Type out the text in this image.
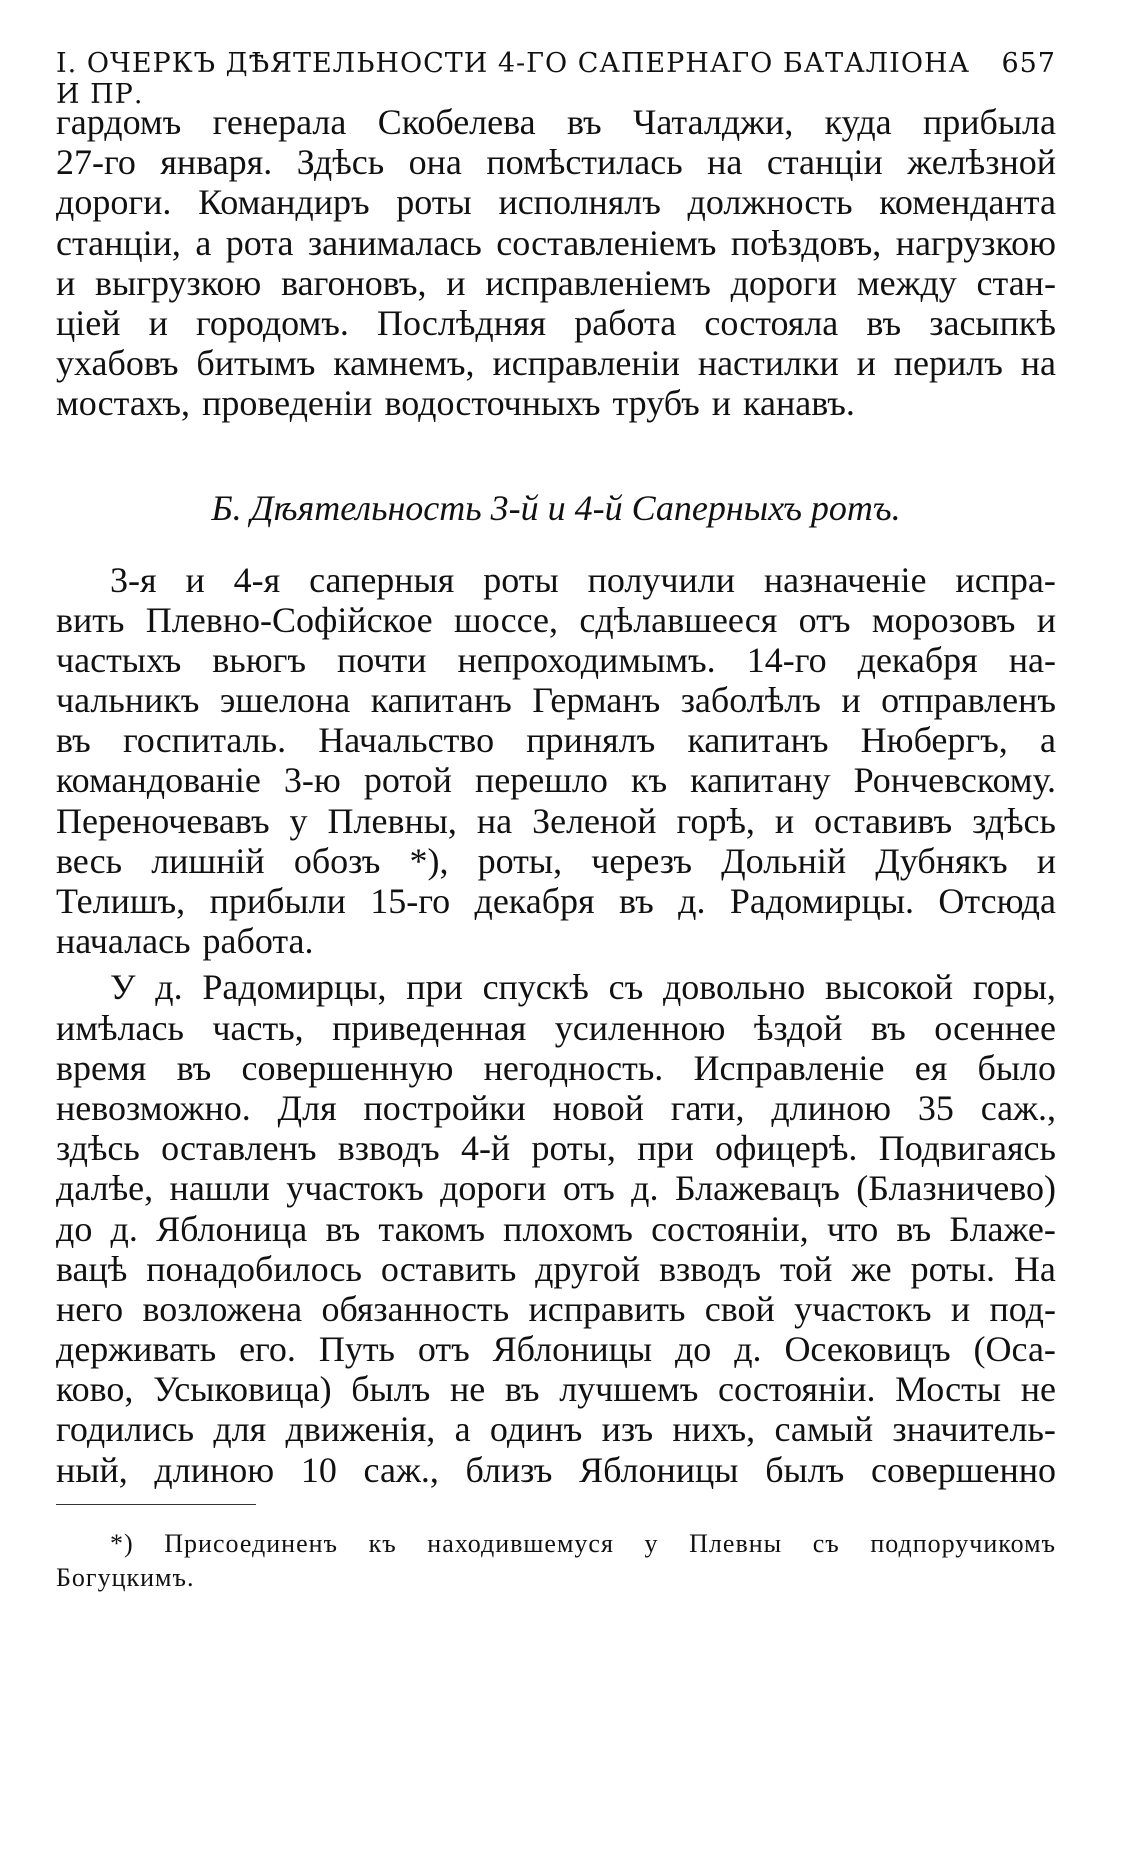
I. ОЧЕРКЪ ДѢЯТЕЛЬНОСТИ 4-ГО САПЕРНАГО БАТАЛІОНА И ПР.
657
гардомъ генерала Скобелева въ Чаталджи, куда прибыла
27-го января. Здѣсь она помѣстилась на станціи желѣзной
дороги. Командиръ роты исполнялъ должность коменданта
станціи, а рота занималась составленіемъ поѣздовъ, нагрузкою
и выгрузкою вагоновъ, и исправленіемъ дороги между стан-
ціей и городомъ. Послѣдняя работа состояла въ засыпкѣ
ухабовъ битымъ камнемъ, исправленіи настилки и перилъ на
мостахъ, проведеніи водосточныхъ трубъ и канавъ.
Б. Дѣятельность 3-й и 4-й Саперныхъ ротъ.
3-я и 4-я саперныя роты получили назначеніе испра-
вить Плевно-Софійское шоссе, сдѣлавшееся отъ морозовъ и
частыхъ вьюгъ почти непроходимымъ. 14-го декабря на-
чальникъ эшелона капитанъ Германъ заболѣлъ и отправленъ
въ госпиталь. Начальство принялъ капитанъ Нюбергъ, а
командованіе 3-ю ротой перешло къ капитану Рончевскому.
Переночевавъ у Плевны, на Зеленой горѣ, и оставивъ здѣсь
весь лишній обозъ *), роты, черезъ Дольній Дубнякъ и
Телишъ, прибыли 15-го декабря въ д. Радомирцы. Отсюда
началась работа.
У д. Радомирцы, при спускѣ съ довольно высокой горы,
имѣлась часть, приведенная усиленною ѣздой въ осеннее
время въ совершенную негодность. Исправленіе ея было
невозможно. Для постройки новой гати, длиною 35 саж.,
здѣсь оставленъ взводъ 4-й роты, при офицерѣ. Подвигаясь
далѣе, нашли участокъ дороги отъ д. Блажевацъ (Блазничево)
до д. Яблоница въ такомъ плохомъ состояніи, что въ Блаже-
вацѣ понадобилось оставить другой взводъ той же роты. На
него возложена обязанность исправить свой участокъ и под-
держивать его. Путь отъ Яблоницы до д. Осековицъ (Оса-
ково, Усыковица) былъ не въ лучшемъ состояніи. Мосты не
годились для движенія, а одинъ изъ нихъ, самый значитель-
ный, длиною 10 саж., близъ Яблоницы былъ совершенно
*) Присоединенъ къ находившемуся у Плевны съ подпоручикомъ
Богуцкимъ.
